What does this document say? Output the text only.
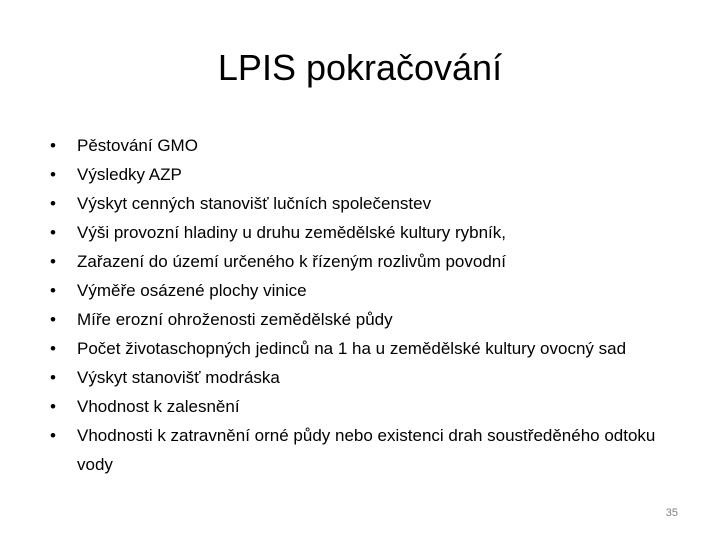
LPIS pokračování
• Pěstování GMO
• Výsledky AZP
• Výskyt cenných stanovišť lučních společenstev
• Výši provozní hladiny u druhu zemědělské kultury rybník,
• Zařazení do území určeného k řízeným rozlivům povodní
• Výměře osázené plochy vinice
• Míře erozní ohroženosti zemědělské půdy
• Počet životaschopných jedinců na 1 ha u zemědělské kultury ovocný sad
• Výskyt stanovišť modráska
• Vhodnost k zalesnění
• Vhodnosti k zatravnění orné půdy nebo existenci drah soustředěného odtoku vody
35
